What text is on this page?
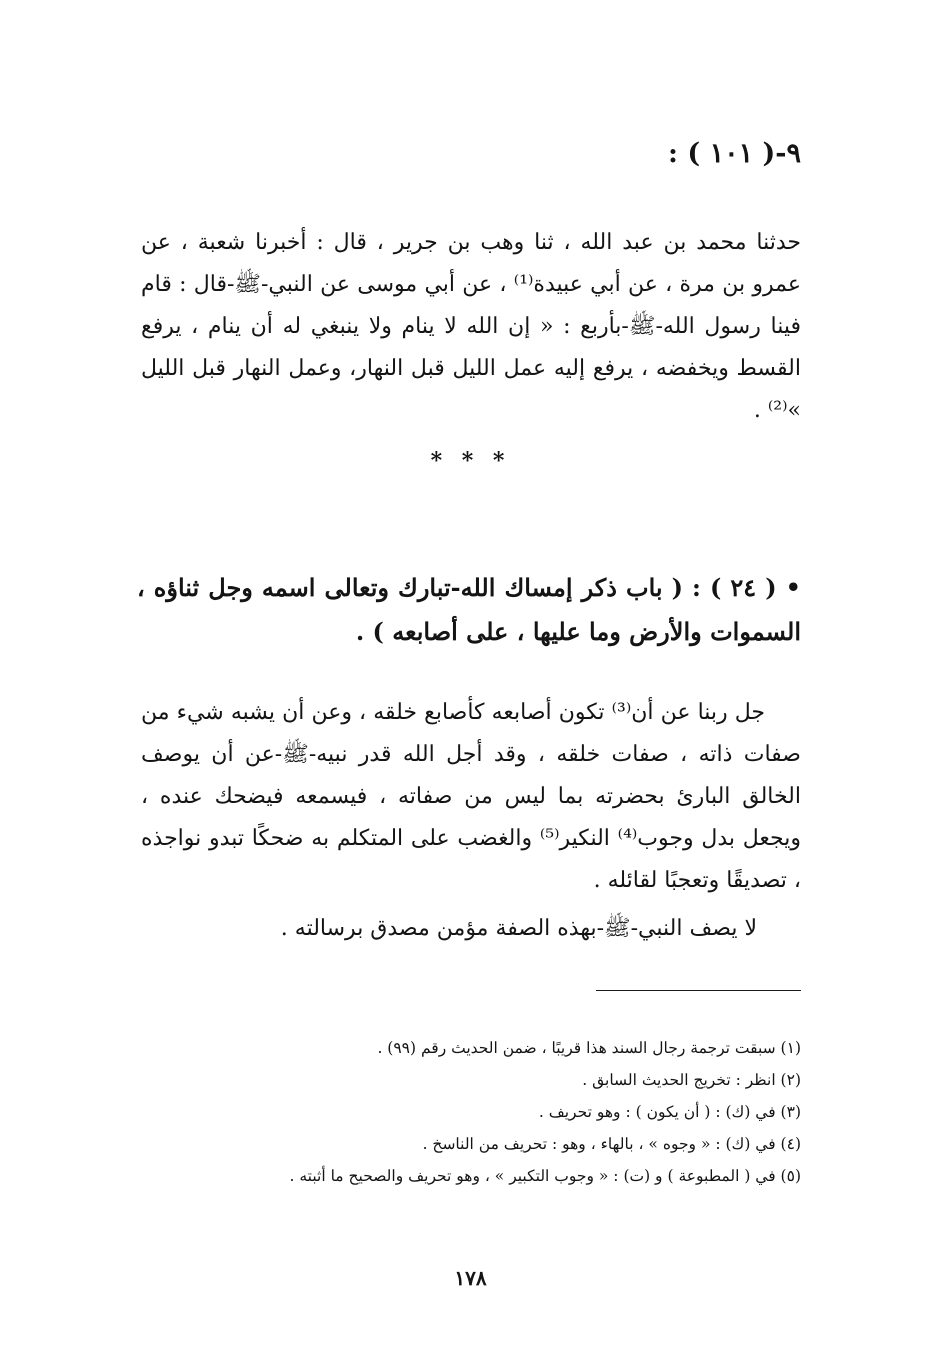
٩-( ١٠١ ) :
حدثنا محمد بن عبد الله ، ثنا وهب بن جرير ، قال : أخبرنا شعبة ، عن عمرو بن مرة ، عن أبي عبيدة⁽¹⁾ ، عن أبي موسى عن النبي-ﷺ-قال : قام فينا رسول الله-ﷺ-بأربع : « إن الله لا ينام ولا ينبغي له أن ينام ، يرفع القسط ويخفضه ، يرفع إليه عمل الليل قبل النهار، وعمل النهار قبل الليل »⁽²⁾ .
* * *
• ( ٢٤ ) : ( باب ذكر إمساك الله-تبارك وتعالى اسمه وجل ثناؤه ، السموات والأرض وما عليها ، على أصابعه ) .

جل ربنا عن أن⁽³⁾ تكون أصابعه كأصابع خلقه ، وعن أن يشبه شيء من صفات ذاته ، صفات خلقه ، وقد أجل الله قدر نبيه-ﷺ-عن أن يوصف الخالق البارئ بحضرته بما ليس من صفاته ، فيسمعه فيضحك عنده ، ويجعل بدل وجوب⁽⁴⁾ النكير⁽⁵⁾ والغضب على المتكلم به ضحكًا تبدو نواجذه ، تصديقًا وتعجبًا لقائله .

لا يصف النبي-ﷺ-بهذه الصفة مؤمن مصدق برسالته .

(١) سبقت ترجمة رجال السند هذا قريبًا ، ضمن الحديث رقم (٩٩) .
(٢) انظر : تخريج الحديث السابق .
(٣) في (ك) : ( أن يكون ) : وهو تحريف .
(٤) في (ك) : « وجوه » ، بالهاء ، وهو : تحريف من الناسخ .
(٥) في ( المطبوعة ) و (ت) : « وجوب التكبير » ، وهو تحريف والصحيح ما أثبته .
١٧٨
